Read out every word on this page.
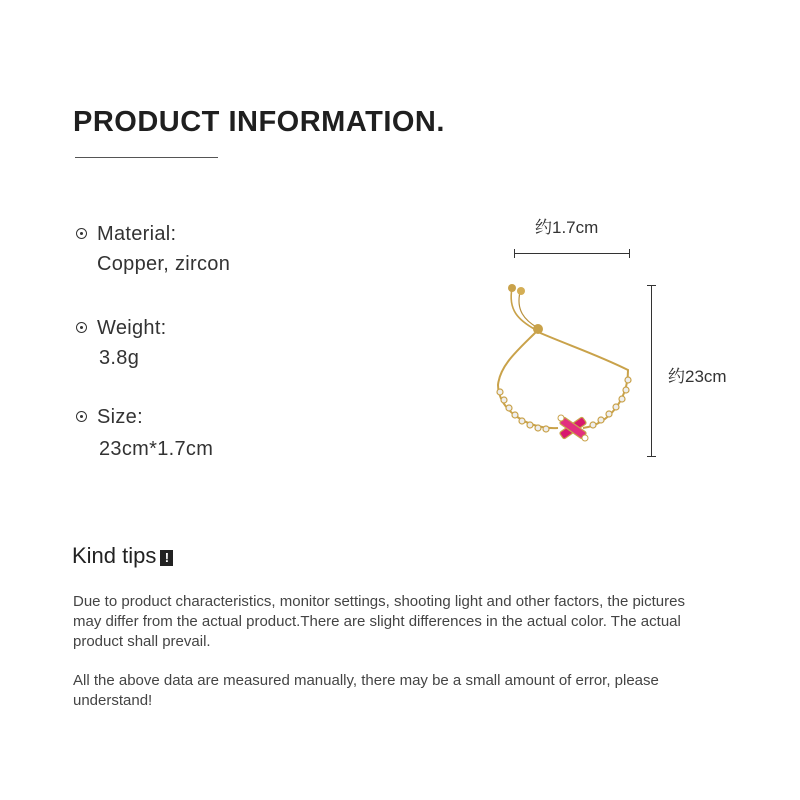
PRODUCT INFORMATION.
Material:
Copper, zircon
Weight:
3.8g
Size:
23cm*1.7cm
约1.7cm
约23cm
Kind tips !
Due to product characteristics, monitor settings, shooting light and other factors, the pictures may differ from the actual product.There are slight differences in the actual color. The actual product shall prevail.
All the above data are measured manually, there may be a small amount of error, please understand!
